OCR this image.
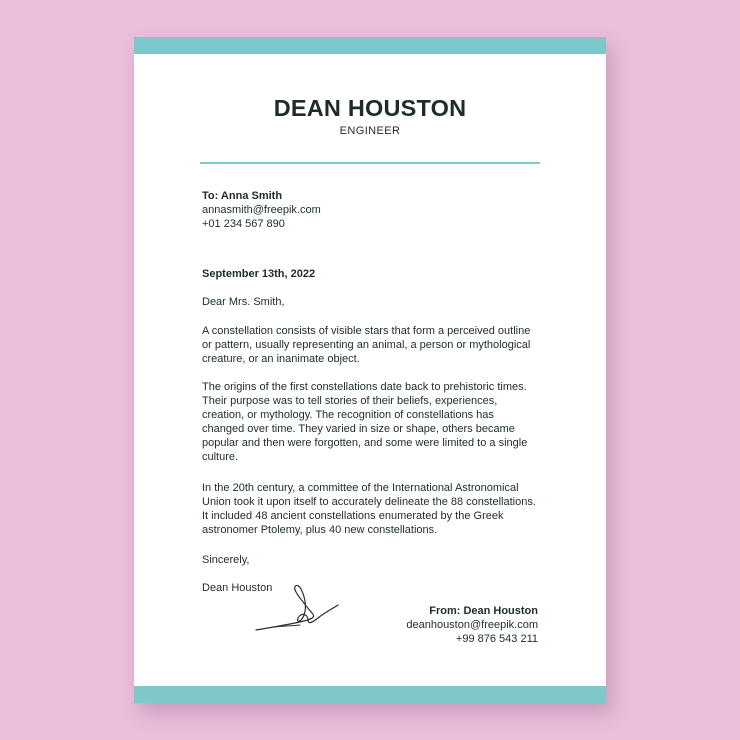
DEAN HOUSTON
ENGINEER
To: Anna Smith
annasmith@freepik.com
+01 234 567 890
September 13th, 2022
Dear Mrs. Smith,
A constellation consists of visible stars that form a perceived outline
or pattern, usually representing an animal, a person or mythological
creature, or an inanimate object.
The origins of the first constellations date back to prehistoric times.
Their purpose was to tell stories of their beliefs, experiences,
creation, or mythology. The recognition of constellations has
changed over time. They varied in size or shape, others became
popular and then were forgotten, and some were limited to a single
culture.
In the 20th century, a committee of the International Astronomical
Union took it upon itself to accurately delineate the 88 constellations.
It included 48 ancient constellations enumerated by the Greek
astronomer Ptolemy, plus 40 new constellations.
Sincerely,
Dean Houston
From: Dean Houston
deanhouston@freepik.com
+99 876 543 211
